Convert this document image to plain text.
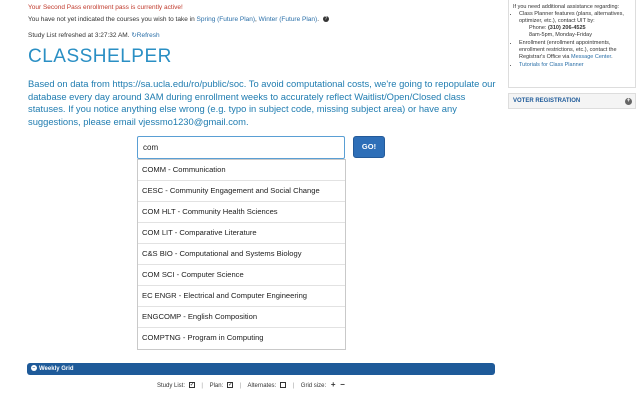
Your Second Pass enrollment pass is currently active!
You have not yet indicated the courses you wish to take in Spring (Future Plan), Winter (Future Plan). ?
Study List refreshed at 3:27:32 AM. ↻Refresh
CLASSHELPER
Based on data from https://sa.ucla.edu/ro/public/soc. To avoid computational costs, we're going to repopulate our database every day around 3AM during enrollment weeks to accurately reflect Waitlist/Open/Closed class statuses. If you notice anything else wrong (e.g. typo in subject code, missing subject area) or have any suggestions, please email vjessmo1230@gmail.com.
com
GO!
COMM - Communication
CESC - Community Engagement and Social Change
COM HLT - Community Health Sciences
COM LIT - Comparative Literature
C&S BIO - Computational and Systems Biology
COM SCI - Computer Science
EC ENGR - Electrical and Computer Engineering
ENGCOMP - English Composition
COMPTNG - Program in Computing
− Weekly Grid
Study List: ✓ | Plan: ✓ | Alternates:	| Grid size: + −
If you need additional assistance regarding:
• Class Planner features (plans, alternatives, optimizer, etc.), contact UIT by:
Phone: (310) 206-4525
8am-5pm, Monday-Friday
• Enrollment (enrollment appointments, enrollment restrictions, etc.), contact the Registrar's Office via Message Center.
• Tutorials for Class Planner
VOTER REGISTRATION	+
